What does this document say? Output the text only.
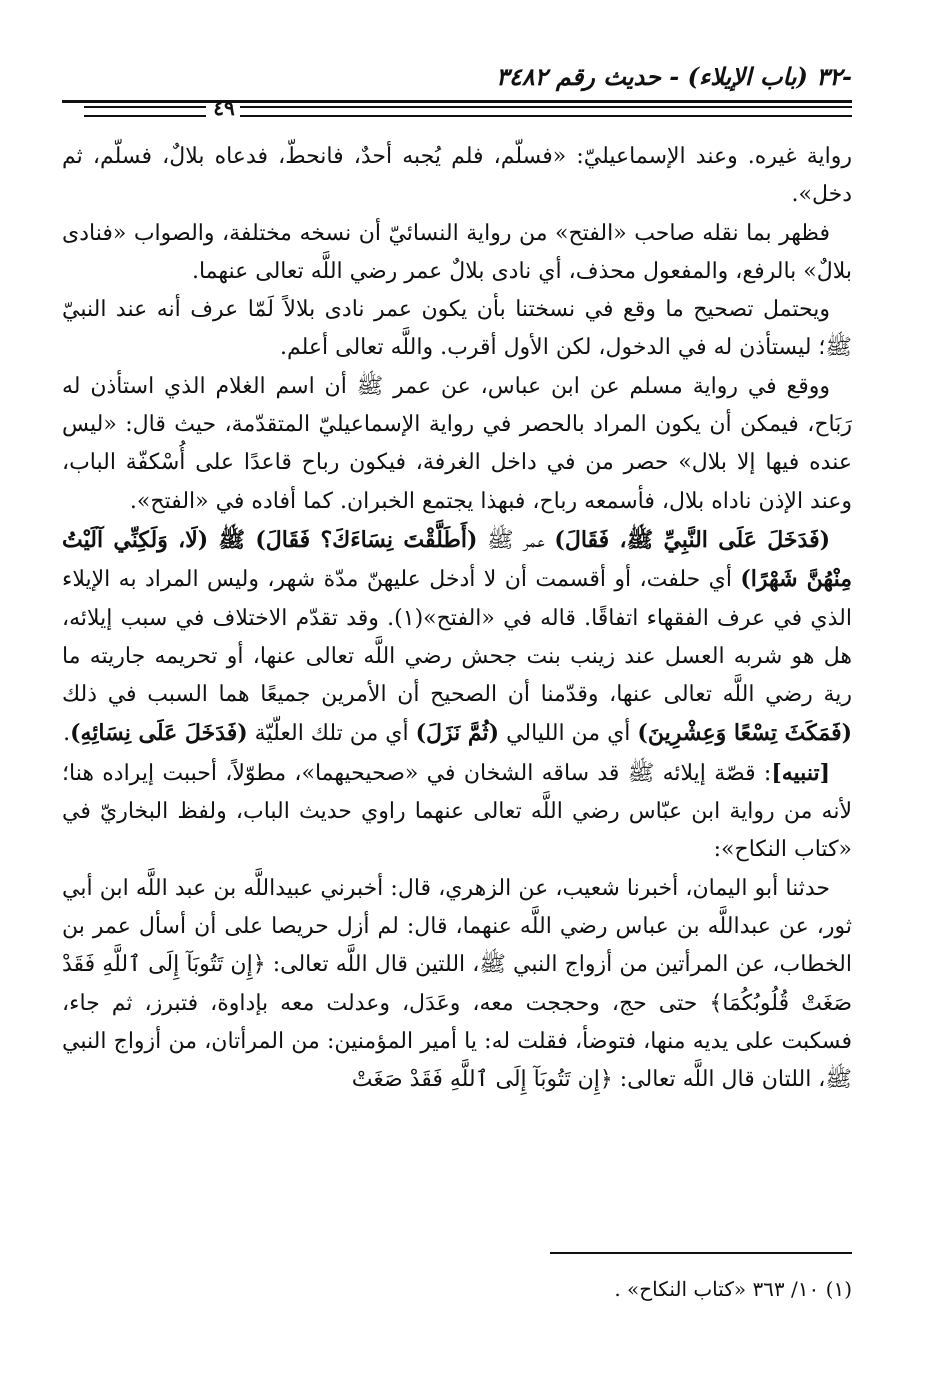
-٣٢ (باب الإيلاء) - حديث رقم ٣٤٨٢
٤٩

رواية غيره. وعند الإسماعيليّ: «فسلّم، فلم يُجبه أحدٌ، فانحطّ، فدعاه بلالٌ، فسلّم، ثم دخل».

فظهر بما نقله صاحب «الفتح» من رواية النسائيّ أن نسخه مختلفة، والصواب «فنادى بلالٌ» بالرفع، والمفعول محذف، أي نادى بلالٌ عمر رضي اللَّه تعالى عنهما.

ويحتمل تصحيح ما وقع في نسختنا بأن يكون عمر نادى بلالاً لَمّا عرف أنه عند النبيّ ﷺ؛ ليستأذن له في الدخول، لكن الأول أقرب. واللَّه تعالى أعلم.

ووقع في رواية مسلم عن ابن عباس، عن عمر ﷺ أن اسم الغلام الذي استأذن له رَبَاح، فيمكن أن يكون المراد بالحصر في رواية الإسماعيليّ المتقدّمة، حيث قال: «ليس عنده فيها إلا بلال» حصر من في داخل الغرفة، فيكون رباح قاعدًا على أُسْكفّة الباب، وعند الإذن ناداه بلال، فأسمعه رباح، فبهذا يجتمع الخبران. كما أفاده في «الفتح».

(فَدَخَلَ عَلَى النَّبِيِّ ﷺ، فَقَالَ) عمر ﷺ (أَطَلَّقْتَ نِسَاءَكَ؟ فَقَالَ) ﷺ (لَا، وَلَكِنِّي آلَيْتُ مِنْهُنَّ شَهْرًا) أي حلفت، أو أقسمت أن لا أدخل عليهنّ مدّة شهر، وليس المراد به الإيلاء الذي في عرف الفقهاء اتفاقًا. قاله في «الفتح»(١). وقد تقدّم الاختلاف في سبب إيلائه، هل هو شربه العسل عند زينب بنت جحش رضي اللَّه تعالى عنها، أو تحريمه جاريته ما رية رضي اللَّه تعالى عنها، وقدّمنا أن الصحيح أن الأمرين جميعًا هما السبب في ذلك (فَمَكَثَ تِسْعًا وَعِشْرِينَ) أي من الليالي (ثُمَّ نَزَلَ) أي من تلك العلّيّة (فَدَخَلَ عَلَى نِسَائِهِ).

[تنبيه]: قصّة إيلائه ﷺ قد ساقه الشخان في «صحيحيهما»، مطوّلاً، أحببت إيراده هنا؛ لأنه من رواية ابن عبّاس رضي اللَّه تعالى عنهما راوي حديث الباب، ولفظ البخاريّ في «كتاب النكاح»:

حدثنا أبو اليمان، أخبرنا شعيب، عن الزهري، قال: أخبرني عبيداللَّه بن عبد اللَّه ابن أبي ثور، عن عبداللَّه بن عباس رضي اللَّه عنهما، قال: لم أزل حريصا على أن أسأل عمر بن الخطاب، عن المرأتين من أزواج النبي ﷺ، اللتين قال اللَّه تعالى: ﴿إِن تَتُوبَآ إِلَى ٱللَّهِ فَقَدْ صَغَتْ قُلُوبُكُمَا﴾ حتى حج، وحججت معه، وعَدَل، وعدلت معه بإداوة، فتبرز، ثم جاء، فسكبت على يديه منها، فتوضأ، فقلت له: يا أمير المؤمنين: من المرأتان، من أزواج النبي ﷺ، اللتان قال اللَّه تعالى: ﴿إِن تَتُوبَآ إِلَى ٱللَّهِ فَقَدْ صَغَتْ

(١) ١٠/ ٣٦٣ «كتاب النكاح» .
